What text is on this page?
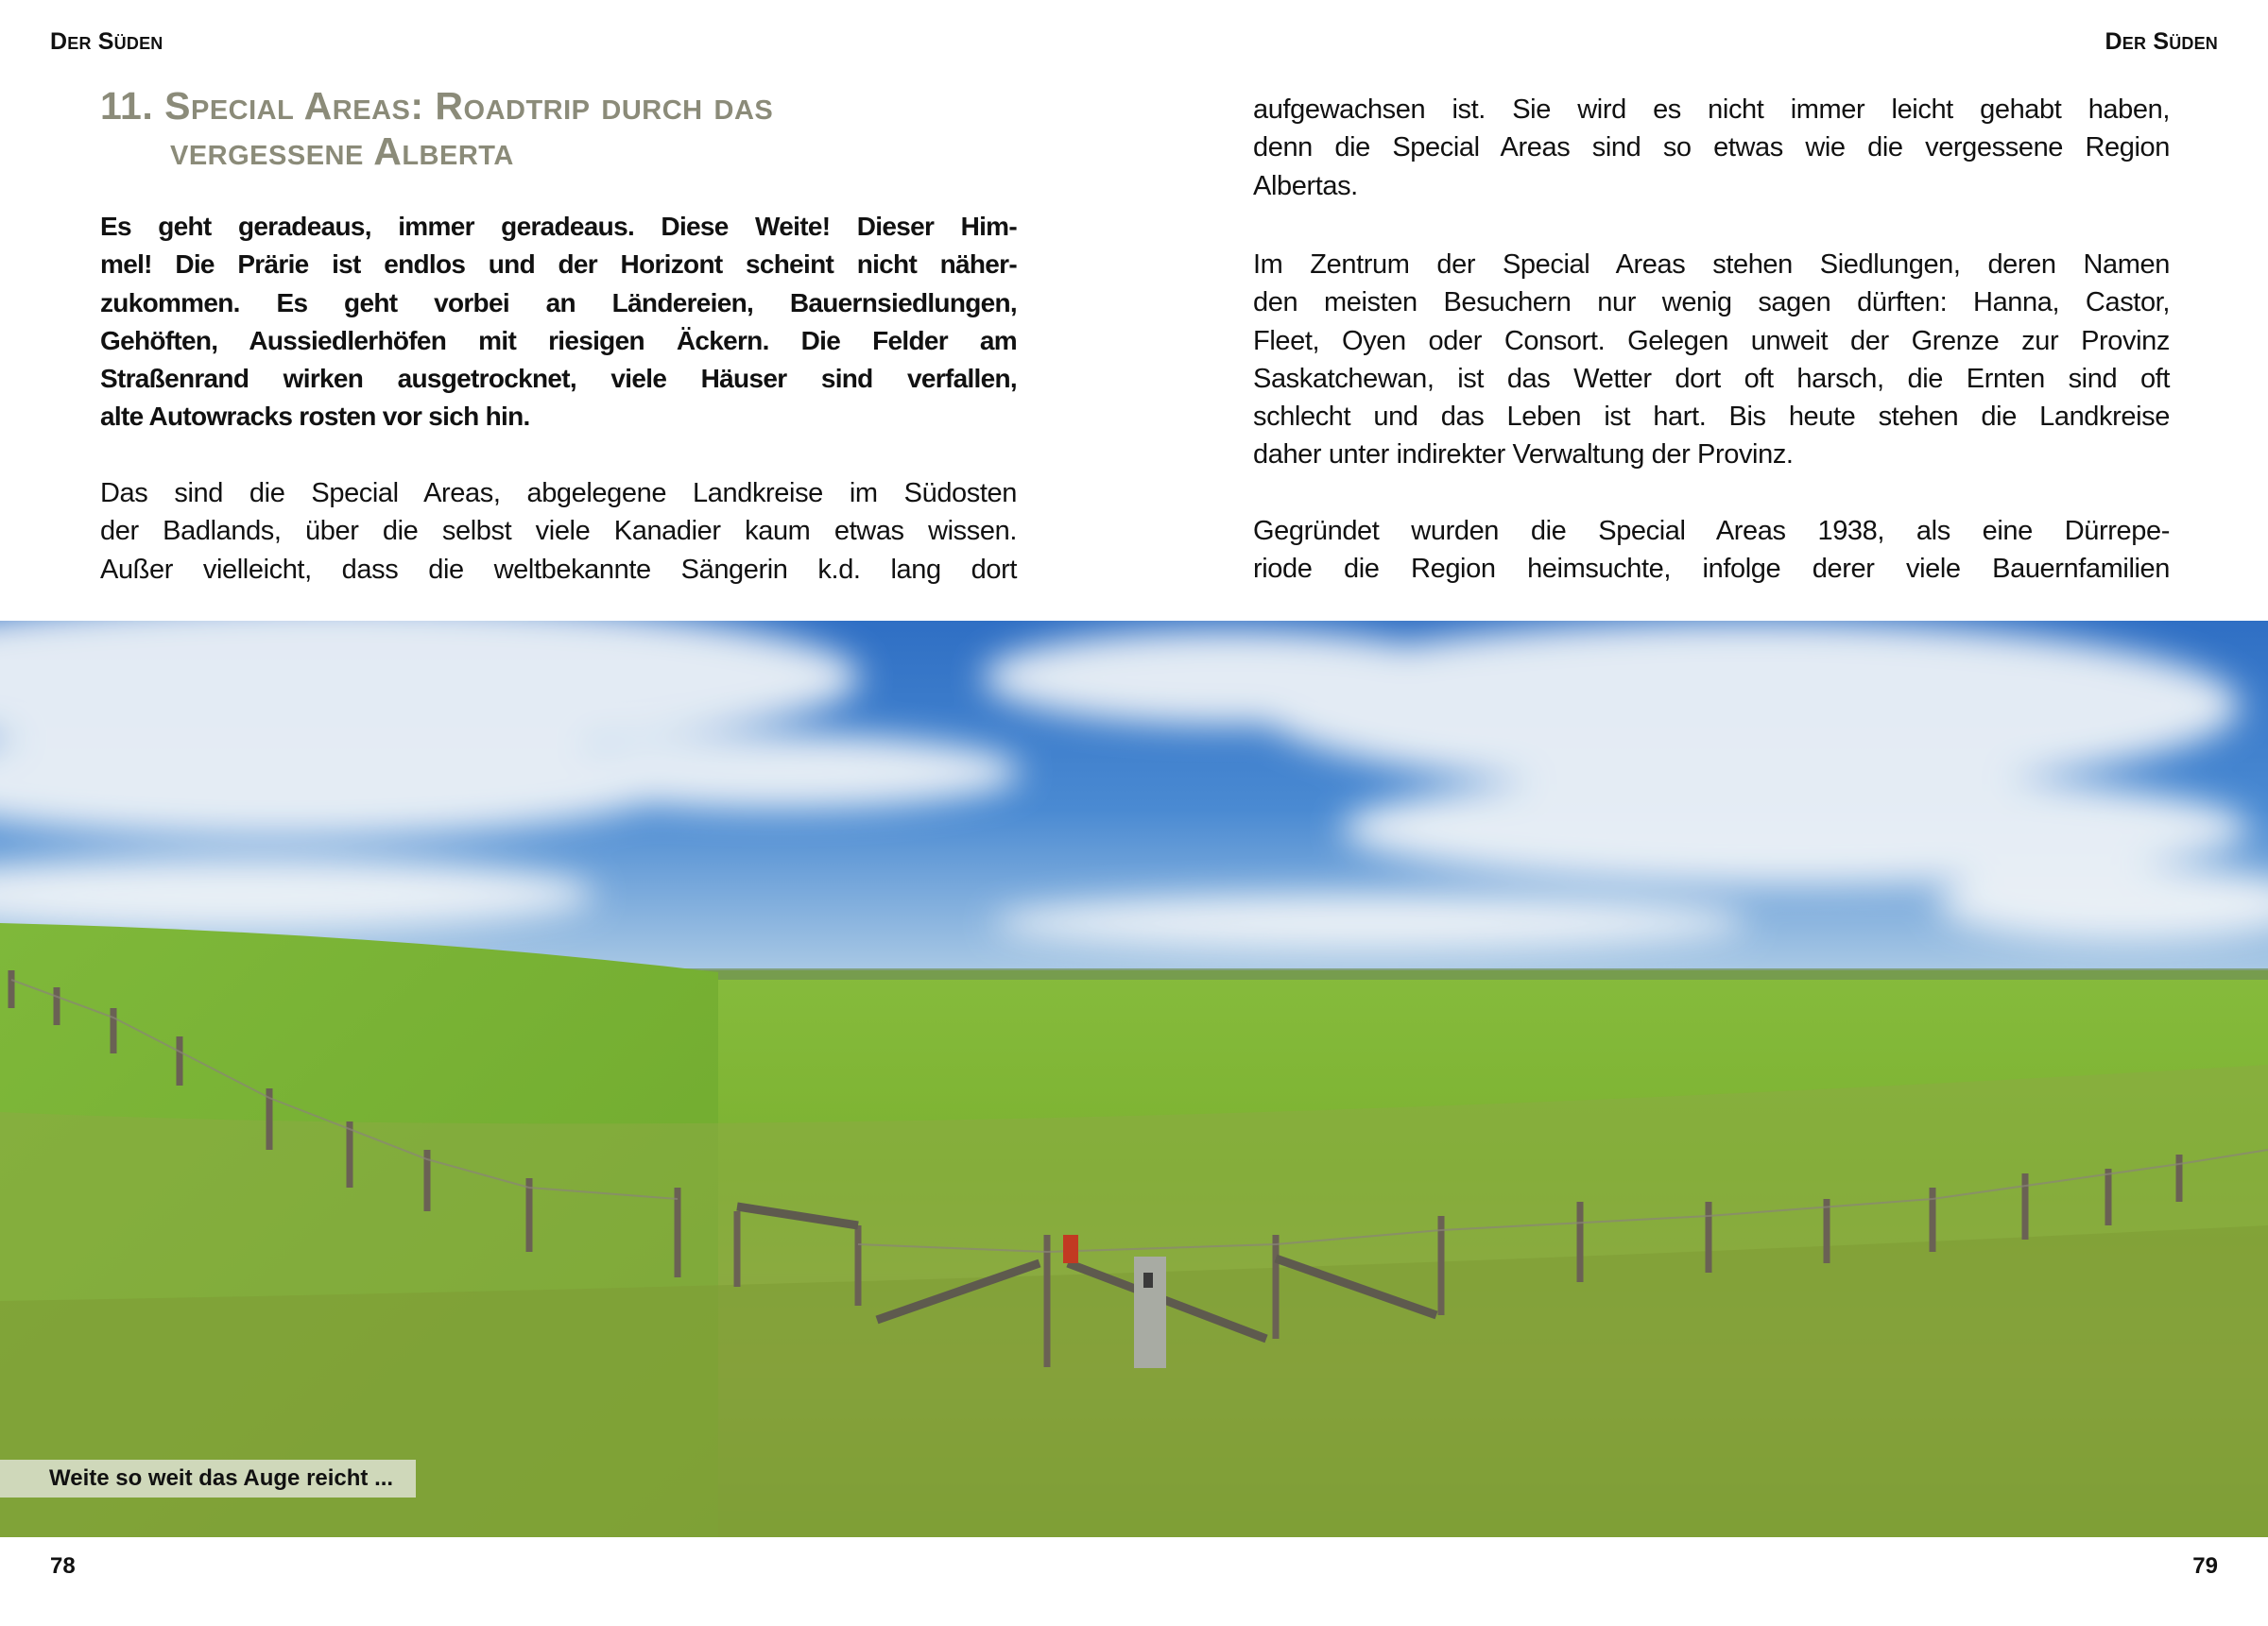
Der Süden	Der Süden
11. Special Areas: Roadtrip durch das
vergessene Alberta
Es geht geradeaus, immer geradeaus. Diese Weite! Dieser Him-
mel! Die Prärie ist endlos und der Horizont scheint nicht näher-
zukommen. Es geht vorbei an Ländereien, Bauernsiedlungen,
Gehöften, Aussiedlerhöfen mit riesigen Äckern. Die Felder am
Straßenrand wirken ausgetrocknet, viele Häuser sind verfallen,
alte Autowracks rosten vor sich hin.
Das sind die Special Areas, abgelegene Landkreise im Südosten
der Badlands, über die selbst viele Kanadier kaum etwas wissen.
Außer vielleicht, dass die weltbekannte Sängerin k.d. lang dort
aufgewachsen ist. Sie wird es nicht immer leicht gehabt haben,
denn die Special Areas sind so etwas wie die vergessene Region
Albertas.
Im Zentrum der Special Areas stehen Siedlungen, deren Namen
den meisten Besuchern nur wenig sagen dürften: Hanna, Castor,
Fleet, Oyen oder Consort. Gelegen unweit der Grenze zur Provinz
Saskatchewan, ist das Wetter dort oft harsch, die Ernten sind oft
schlecht und das Leben ist hart. Bis heute stehen die Landkreise
daher unter indirekter Verwaltung der Provinz.
Gegründet wurden die Special Areas 1938, als eine Dürrepe-
riode die Region heimsuchte, infolge derer viele Bauernfamilien
Weite so weit das Auge reicht ...
78	79
